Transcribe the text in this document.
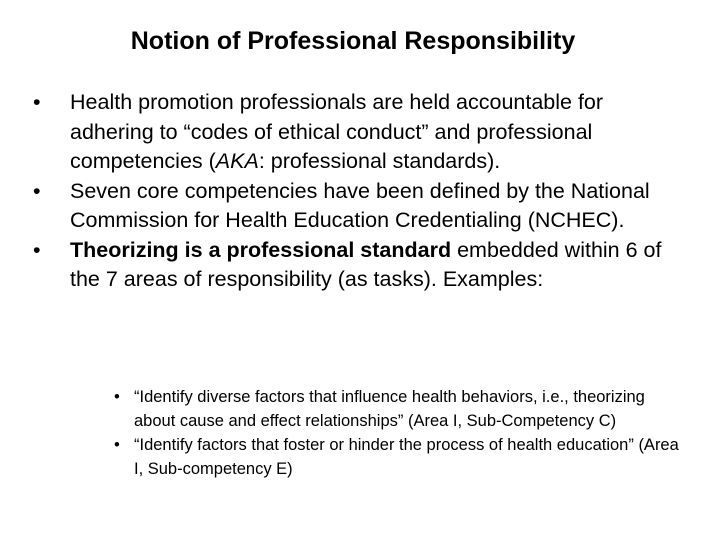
Notion of Professional Responsibility
• Health promotion professionals are held accountable for adhering to “codes of ethical conduct” and professional competencies (AKA: professional standards).
• Seven core competencies have been defined by the National Commission for Health Education Credentialing (NCHEC).
• Theorizing is a professional standard embedded within 6 of the 7 areas of responsibility (as tasks). Examples:
• “Identify diverse factors that influence health behaviors, i.e., theorizing about cause and effect relationships” (Area I, Sub-Competency C)
• “Identify factors that foster or hinder the process of health education” (Area I, Sub-competency E)
